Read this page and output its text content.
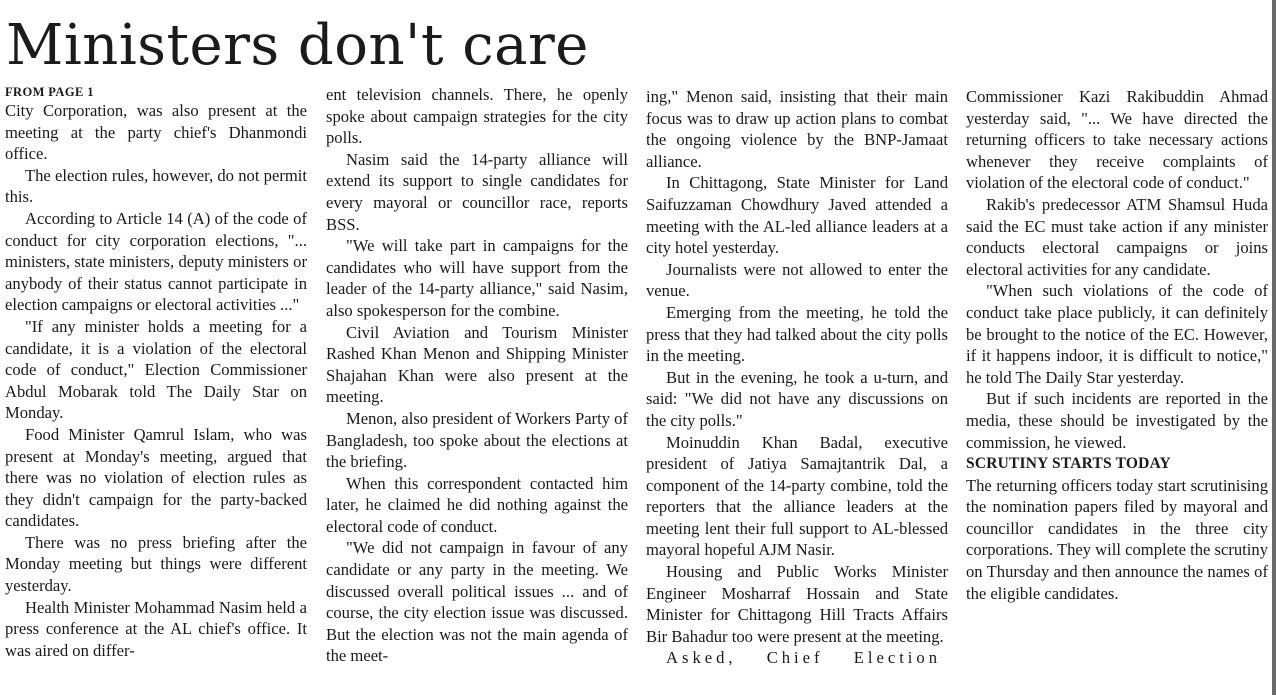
Ministers don't care
FROM PAGE 1

City Corporation, was also present at the meeting at the party chief's Dhanmondi office.

The election rules, however, do not permit this.

According to Article 14 (A) of the code of conduct for city corporation elections, "... ministers, state ministers, deputy ministers or anybody of their status cannot participate in election campaigns or electoral activities ..."

"If any minister holds a meeting for a candidate, it is a violation of the electoral code of conduct," Election Commissioner Abdul Mobarak told The Daily Star on Monday.

Food Minister Qamrul Islam, who was present at Monday's meeting, argued that there was no violation of election rules as they didn't campaign for the party-backed candidates.

There was no press briefing after the Monday meeting but things were different yesterday.

Health Minister Mohammad Nasim held a press conference at the AL chief's office. It was aired on differ-

ent television channels. There, he openly spoke about campaign strategies for the city polls.

Nasim said the 14-party alliance will extend its support to single candidates for every mayoral or councillor race, reports BSS.

"We will take part in campaigns for the candidates who will have support from the leader of the 14-party alliance," said Nasim, also spokesperson for the combine.

Civil Aviation and Tourism Minister Rashed Khan Menon and Shipping Minister Shajahan Khan were also present at the meeting.

Menon, also president of Workers Party of Bangladesh, too spoke about the elections at the briefing.

When this correspondent contacted him later, he claimed he did nothing against the electoral code of conduct.

"We did not campaign in favour of any candidate or any party in the meeting. We discussed overall political issues ... and of course, the city election issue was discussed. But the election was not the main agenda of the meet-

ing," Menon said, insisting that their main focus was to draw up action plans to combat the ongoing violence by the BNP-Jamaat alliance.

In Chittagong, State Minister for Land Saifuzzaman Chowdhury Javed attended a meeting with the AL-led alliance leaders at a city hotel yesterday.

Journalists were not allowed to enter the venue.

Emerging from the meeting, he told the press that they had talked about the city polls in the meeting.

But in the evening, he took a u-turn, and said: "We did not have any discussions on the city polls."

Moinuddin Khan Badal, executive president of Jatiya Samajtantrik Dal, a component of the 14-party combine, told the reporters that the alliance leaders at the meeting lent their full support to AL-blessed mayoral hopeful AJM Nasir.

Housing and Public Works Minister Engineer Mosharraf Hossain and State Minister for Chittagong Hill Tracts Affairs Bir Bahadur too were present at the meeting.

Asked, Chief Election

Commissioner Kazi Rakibuddin Ahmad yesterday said, "... We have directed the returning officers to take necessary actions whenever they receive complaints of violation of the electoral code of conduct."

Rakib's predecessor ATM Shamsul Huda said the EC must take action if any minister conducts electoral campaigns or joins electoral activities for any candidate.

"When such violations of the code of conduct take place publicly, it can definitely be brought to the notice of the EC. However, if it happens indoor, it is difficult to notice," he told The Daily Star yesterday.

But if such incidents are reported in the media, these should be investigated by the commission, he viewed.

SCRUTINY STARTS TODAY

The returning officers today start scrutinising the nomination papers filed by mayoral and councillor candidates in the three city corporations. They will complete the scrutiny on Thursday and then announce the names of the eligible candidates.
